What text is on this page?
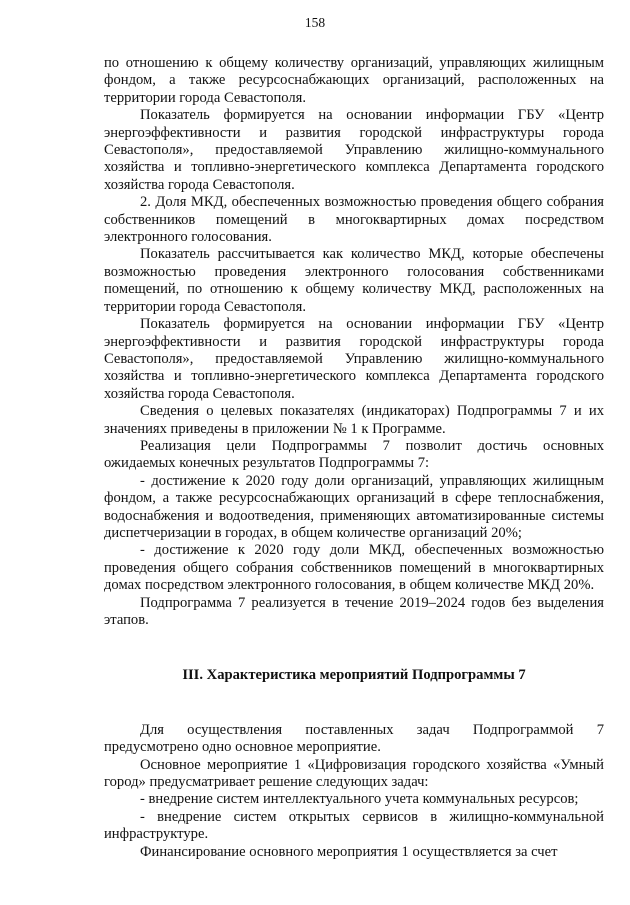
158

по отношению к общему количеству организаций, управляющих жилищным фондом, а также ресурсоснабжающих организаций, расположенных на территории города Севастополя.

Показатель формируется на основании информации ГБУ «Центр энергоэффективности и развития городской инфраструктуры города Севастополя», предоставляемой Управлению жилищно-коммунального хозяйства и топливно-энергетического комплекса Департамента городского хозяйства города Севастополя.

2. Доля МКД, обеспеченных возможностью проведения общего собрания собственников помещений в многоквартирных домах посредством электронного голосования.

Показатель рассчитывается как количество МКД, которые обеспечены возможностью проведения электронного голосования собственниками помещений, по отношению к общему количеству МКД, расположенных на территории города Севастополя.

Показатель формируется на основании информации ГБУ «Центр энергоэффективности и развития городской инфраструктуры города Севастополя», предоставляемой Управлению жилищно-коммунального хозяйства и топливно-энергетического комплекса Департамента городского хозяйства города Севастополя.

Сведения о целевых показателях (индикаторах) Подпрограммы 7 и их значениях приведены в приложении № 1 к Программе.

Реализация цели Подпрограммы 7 позволит достичь основных ожидаемых конечных результатов Подпрограммы 7:

- достижение к 2020 году доли организаций, управляющих жилищным фондом, а также ресурсоснабжающих организаций в сфере теплоснабжения, водоснабжения и водоотведения, применяющих автоматизированные системы диспетчеризации в городах, в общем количестве организаций 20%;

- достижение к 2020 году доли МКД, обеспеченных возможностью проведения общего собрания собственников помещений в многоквартирных домах посредством электронного голосования, в общем количестве МКД 20%.

Подпрограмма 7 реализуется в течение 2019–2024 годов без выделения этапов.

III. Характеристика мероприятий Подпрограммы 7

Для осуществления поставленных задач Подпрограммой 7 предусмотрено одно основное мероприятие.

Основное мероприятие 1 «Цифровизация городского хозяйства «Умный город» предусматривает решение следующих задач:

- внедрение систем интеллектуального учета коммунальных ресурсов;

- внедрение систем открытых сервисов в жилищно-коммунальной инфраструктуре.

Финансирование основного мероприятия 1 осуществляется за счет
